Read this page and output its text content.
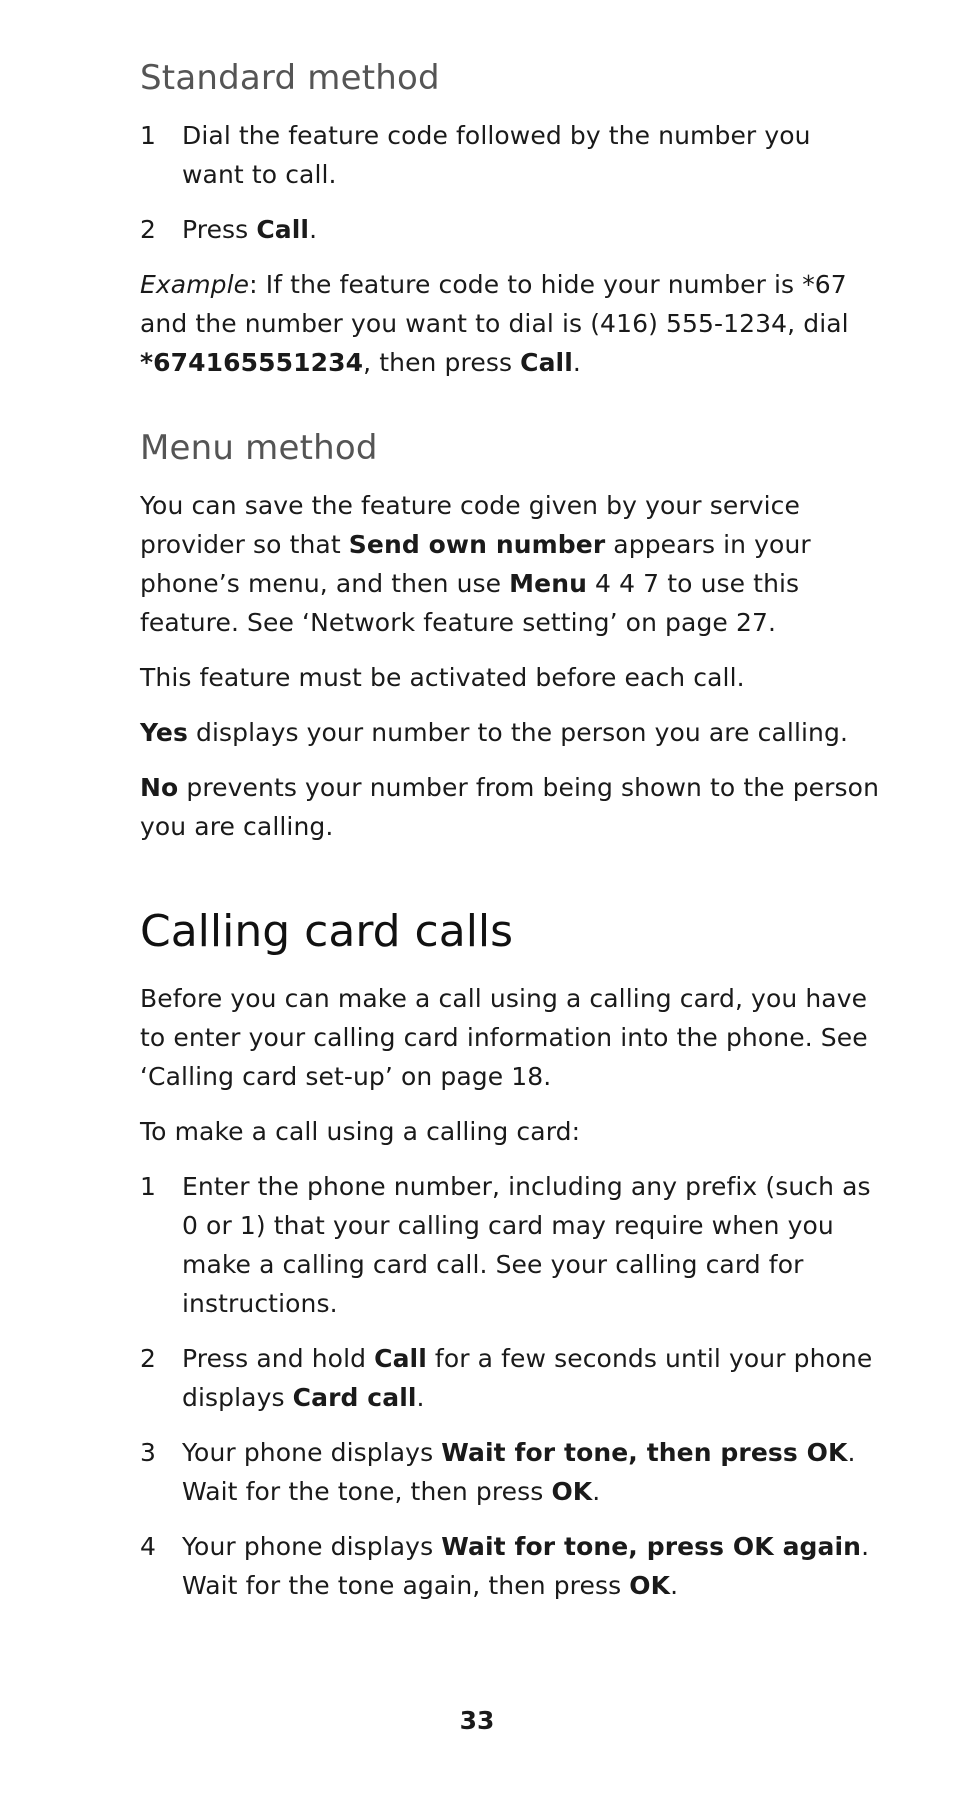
Standard method
1	Dial the feature code followed by the number you want to call.
2	Press Call.

Example: If the feature code to hide your number is *67 and the number you want to dial is (416) 555-1234, dial *674165551234, then press Call.

Menu method

You can save the feature code given by your service provider so that Send own number appears in your phone’s menu, and then use Menu 4 4 7 to use this feature. See ‘Network feature setting’ on page 27.

This feature must be activated before each call.

Yes displays your number to the person you are calling.

No prevents your number from being shown to the person you are calling.

Calling card calls

Before you can make a call using a calling card, you have to enter your calling card information into the phone. See ‘Calling card set-up’ on page 18.

To make a call using a calling card:

1	Enter the phone number, including any prefix (such as 0 or 1) that your calling card may require when you make a calling card call. See your calling card for instructions.
2	Press and hold Call for a few seconds until your phone displays Card call.
3	Your phone displays Wait for tone, then press OK. Wait for the tone, then press OK.
4	Your phone displays Wait for tone, press OK again. Wait for the tone again, then press OK.
33
